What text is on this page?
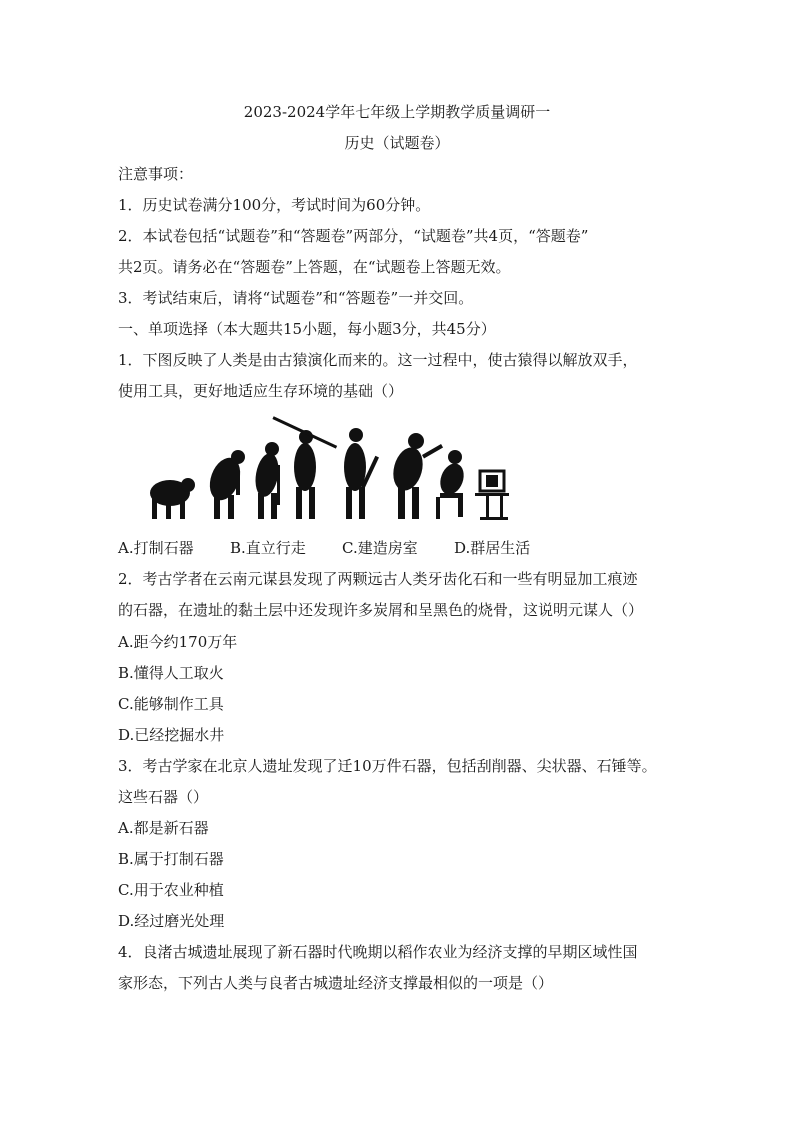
2023-2024学年七年级上学期教学质量调研一
历史（试题卷）
注意事项：
1．历史试卷满分100分，考试时间为60分钟。
2．本试卷包括“试题卷”和“答题卷”两部分，“试题卷”共4页，“答题卷”
共2页。请务必在“答题卷”上答题，在“试题卷上答题无效。
3．考试结束后，请将“试题卷”和“答题卷”一并交回。
一、单项选择（本大题共15小题，每小题3分，共45分）
1．下图反映了人类是由古猿演化而来的。这一过程中，使古猿得以解放双手，
使用工具，更好地适应生存环境的基础（）
A.打制石器	B.直立行走	C.建造房室	D.群居生活
2．考古学者在云南元谋县发现了两颗远古人类牙齿化石和一些有明显加工痕迹
的石器，在遗址的黏土层中还发现许多炭屑和呈黑色的烧骨，这说明元谋人（）
A.距今约170万年
B.懂得人工取火
C.能够制作工具
D.已经挖掘水井
3．考古学家在北京人遗址发现了迁10万件石器，包括刮削器、尖状器、石锤等。
这些石器（）
A.都是新石器
B.属于打制石器
C.用于农业种植
D.经过磨光处理
4．良渚古城遗址展现了新石器时代晚期以稻作农业为经济支撑的早期区域性国
家形态，下列古人类与良者古城遗址经济支撑最相似的一项是（）
